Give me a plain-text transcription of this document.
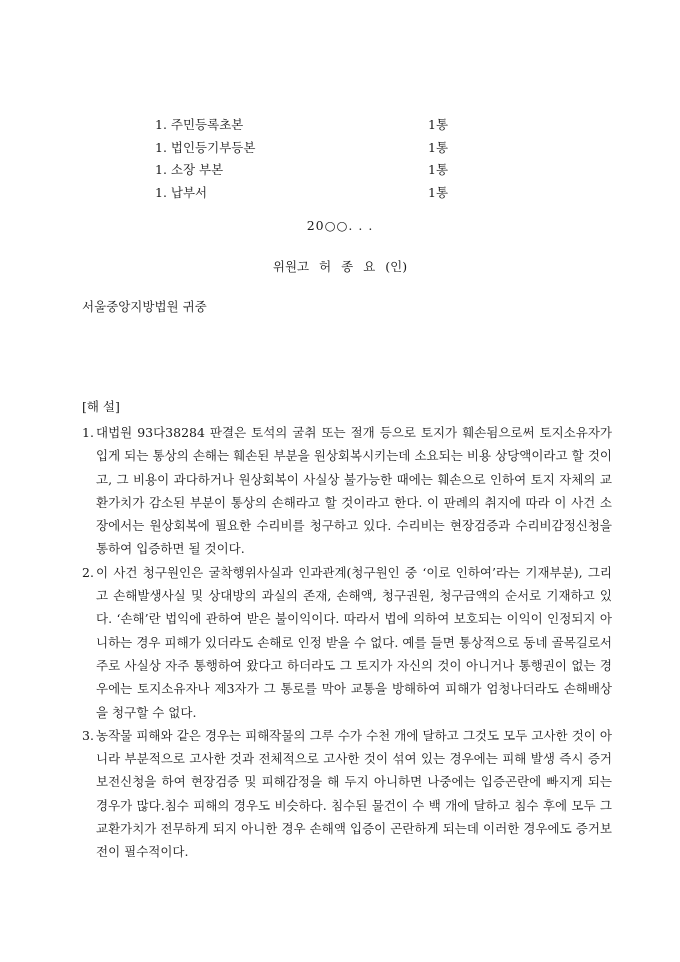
1. 주민등록초본	1통
1. 법인등기부등본	1통
1. 소장 부본	1통
1. 납부서	1통
20○○. . .
위원고 허 종 요 (인)
서울중앙지방법원 귀중
[해 설]
1. 대법원 93다38284 판결은 토석의 굴취 또는 절개 등으로 토지가 훼손됨으로써 토지소유자가 입게 되는 통상의 손해는 훼손된 부분을 원상회복시키는데 소요되는 비용 상당액이라고 할 것이고, 그 비용이 과다하거나 원상회복이 사실상 불가능한 때에는 훼손으로 인하여 토지 자체의 교환가치가 감소된 부분이 통상의 손해라고 할 것이라고 한다. 이 판례의 취지에 따라 이 사건 소장에서는 원상회복에 필요한 수리비를 청구하고 있다. 수리비는 현장검증과 수리비감정신청을 통하여 입증하면 될 것이다.
2. 이 사건 청구원인은 굴착행위사실과 인과관계(청구원인 중 ‘이로 인하여’라는 기재부분), 그리고 손해발생사실 및 상대방의 과실의 존재, 손해액, 청구권원, 청구금액의 순서로 기재하고 있다. ‘손해’란 법익에 관하여 받은 불이익이다. 따라서 법에 의하여 보호되는 이익이 인정되지 아니하는 경우 피해가 있더라도 손해로 인정 받을 수 없다. 예를 들면 통상적으로 동네 골목길로서 주로 사실상 자주 통행하여 왔다고 하더라도 그 토지가 자신의 것이 아니거나 통행권이 없는 경우에는 토지소유자나 제3자가 그 통로를 막아 교통을 방해하여 피해가 엄청나더라도 손해배상을 청구할 수 없다.
3. 농작물 피해와 같은 경우는 피해작물의 그루 수가 수천 개에 달하고 그것도 모두 고사한 것이 아니라 부분적으로 고사한 것과 전체적으로 고사한 것이 섞여 있는 경우에는 피해 발생 즉시 증거보전신청을 하여 현장검증 및 피해감정을 해 두지 아니하면 나중에는 입증곤란에 빠지게 되는 경우가 많다.침수 피해의 경우도 비슷하다. 침수된 물건이 수 백 개에 달하고 침수 후에 모두 그 교환가치가 전무하게 되지 아니한 경우 손해액 입증이 곤란하게 되는데 이러한 경우에도 증거보전이 필수적이다.
